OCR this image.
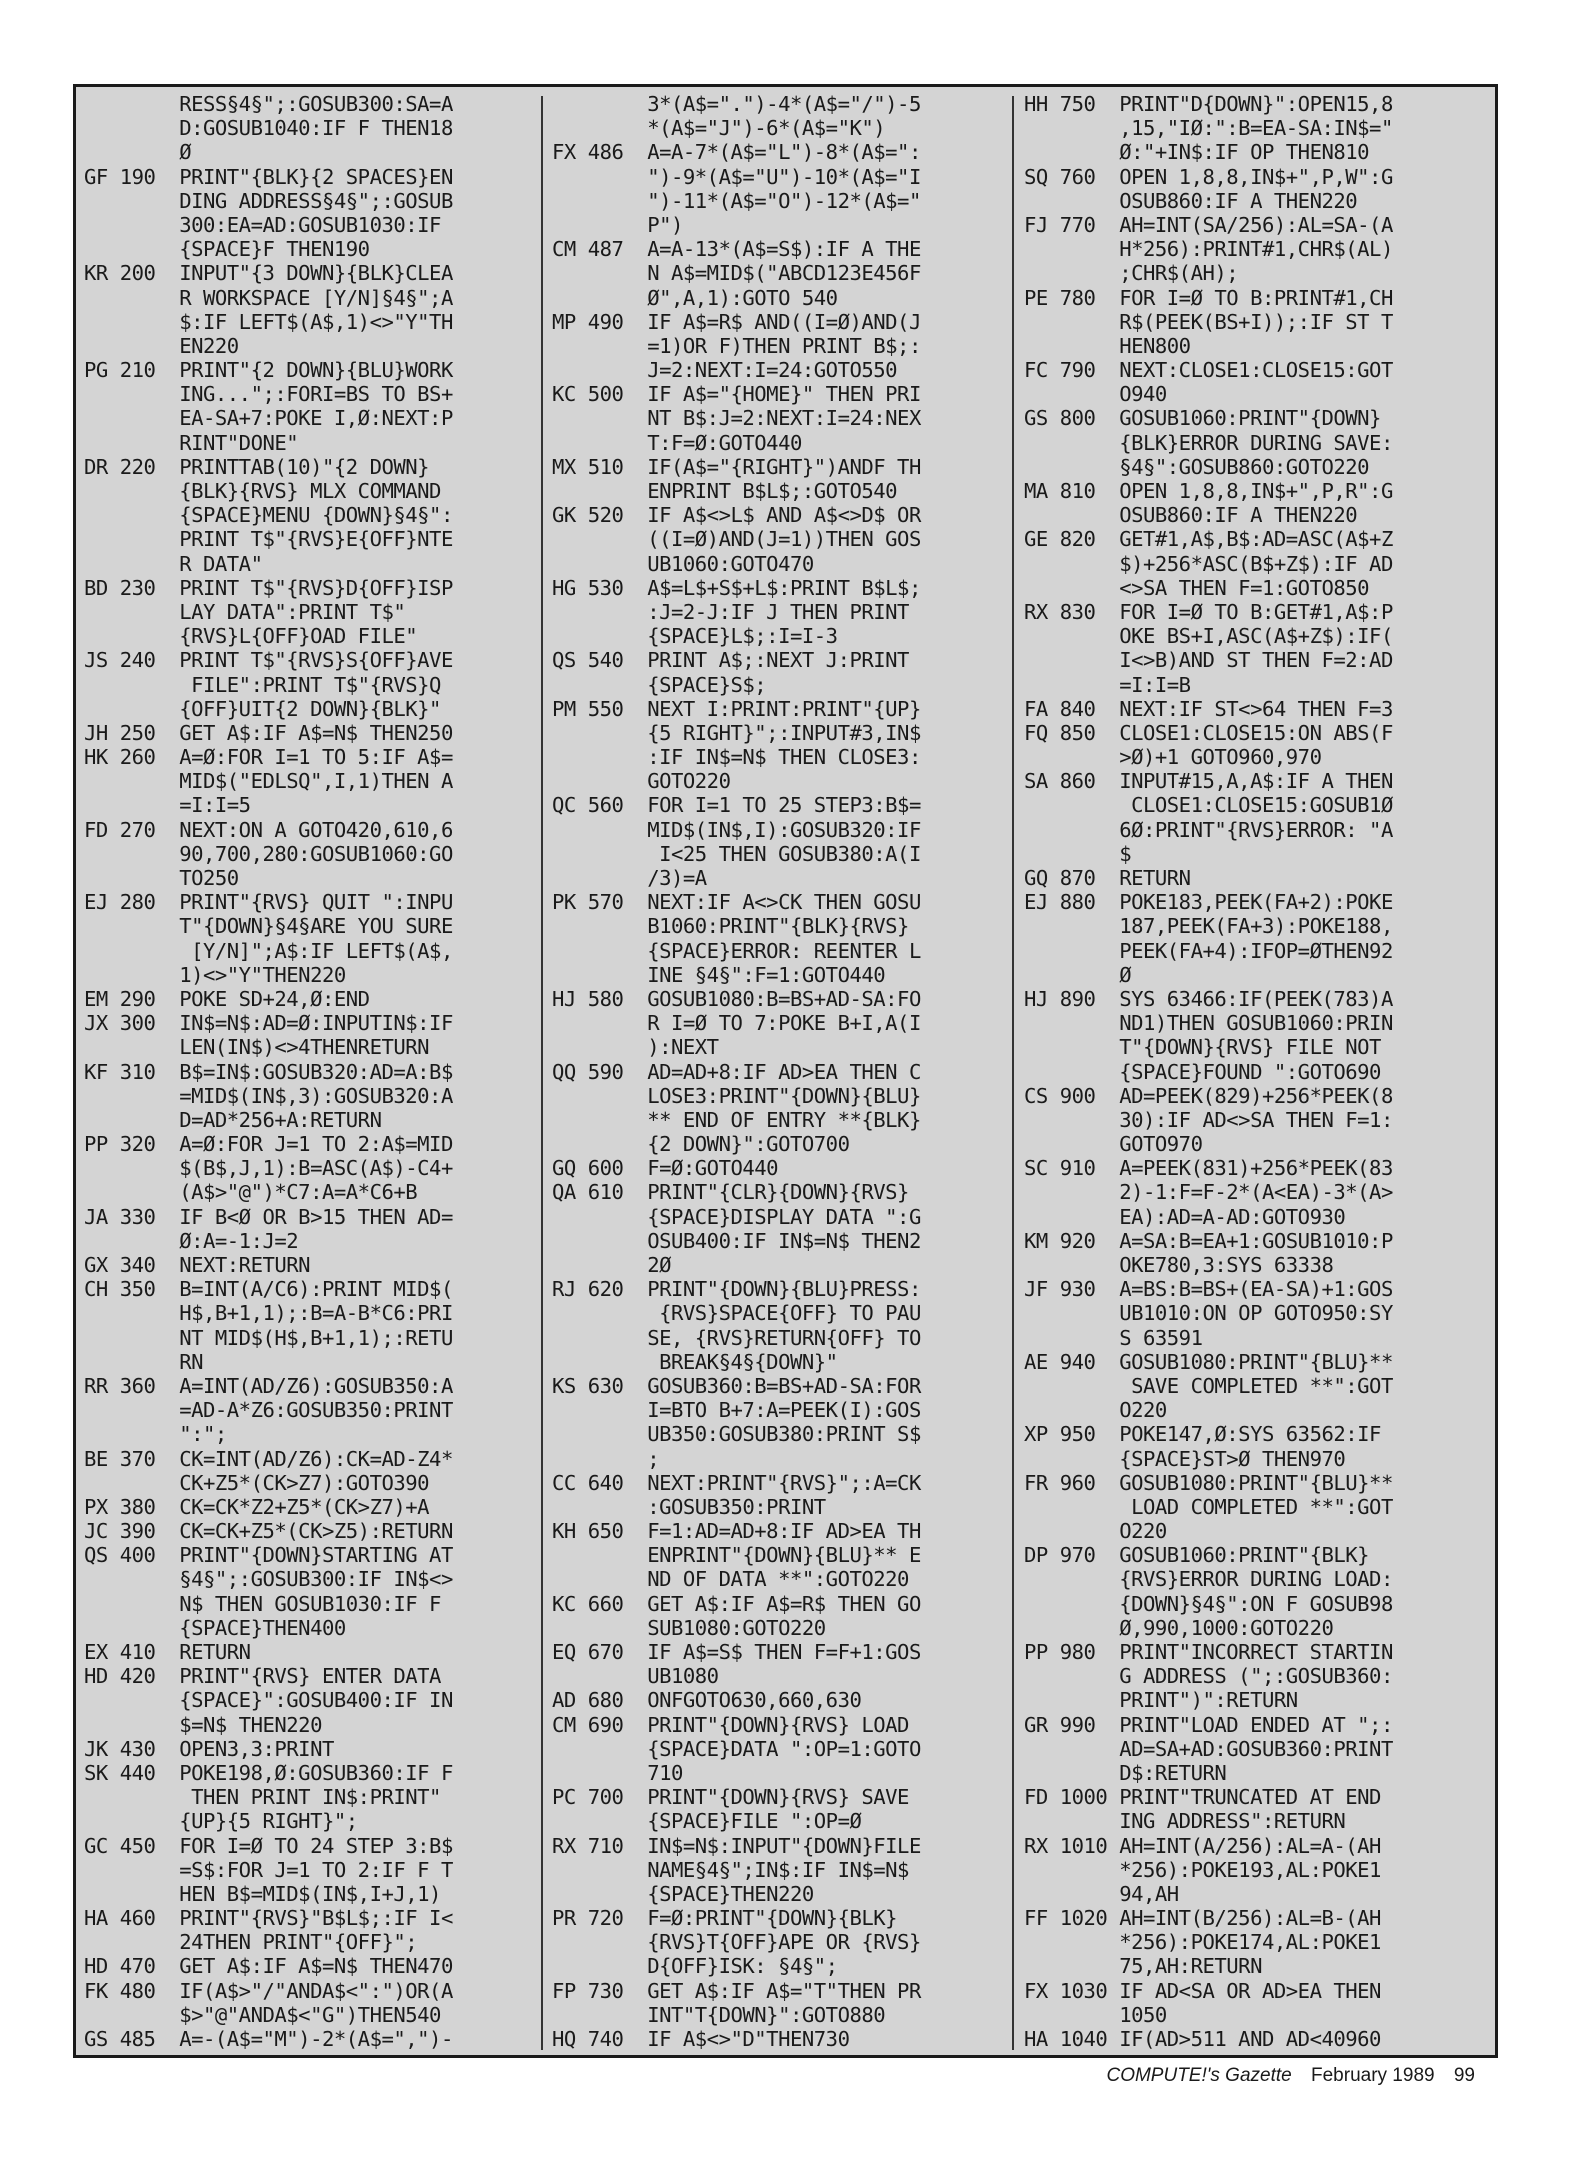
RESS§4§";:GOSUB300:SA=A
D:GOSUB1040:IF F THEN18
Ø
GF 190  PRINT"{BLK}{2 SPACES}EN
DING ADDRESS§4§";:GOSUB
300:EA=AD:GOSUB1030:IF
{SPACE}F THEN190
KR 200  INPUT"{3 DOWN}{BLK}CLEA
R WORKSPACE [Y/N]§4§";A
$:IF LEFT$(A$,1)<>"Y"TH
EN220
PG 210  PRINT"{2 DOWN}{BLU}WORK
ING...";:FORI=BS TO BS+
EA-SA+7:POKE I,Ø:NEXT:P
RINT"DONE"
DR 220  PRINTTAB(10)"{2 DOWN}
{BLK}{RVS} MLX COMMAND
{SPACE}MENU {DOWN}§4§":
PRINT T$"{RVS}E{OFF}NTE
R DATA"
BD 230  PRINT T$"{RVS}D{OFF}ISP
LAY DATA":PRINT T$"
{RVS}L{OFF}OAD FILE"
JS 240  PRINT T$"{RVS}S{OFF}AVE
FILE":PRINT T$"{RVS}Q
{OFF}UIT{2 DOWN}{BLK}"
JH 250  GET A$:IF A$=N$ THEN250
HK 260  A=Ø:FOR I=1 TO 5:IF A$=
MID$("EDLSQ",I,1)THEN A
=I:I=5
FD 270  NEXT:ON A GOTO420,610,6
90,700,280:GOSUB1060:GO
TO250
EJ 280  PRINT"{RVS} QUIT ":INPU
T"{DOWN}§4§ARE YOU SURE
[Y/N]";A$:IF LEFT$(A$,
1)<>"Y"THEN220
EM 290  POKE SD+24,Ø:END
JX 300  IN$=N$:AD=Ø:INPUTIN$:IF
LEN(IN$)<>4THENRETURN
KF 310  B$=IN$:GOSUB320:AD=A:B$
=MID$(IN$,3):GOSUB320:A
D=AD*256+A:RETURN
PP 320  A=Ø:FOR J=1 TO 2:A$=MID
$(B$,J,1):B=ASC(A$)-C4+
(A$>"@")*C7:A=A*C6+B
JA 330  IF B<Ø OR B>15 THEN AD=
Ø:A=-1:J=2
GX 340  NEXT:RETURN
CH 350  B=INT(A/C6):PRINT MID$(
H$,B+1,1);:B=A-B*C6:PRI
NT MID$(H$,B+1,1);:RETU
RN
RR 360  A=INT(AD/Z6):GOSUB350:A
=AD-A*Z6:GOSUB350:PRINT
":";
BE 370  CK=INT(AD/Z6):CK=AD-Z4*
CK+Z5*(CK>Z7):GOTO390
PX 380  CK=CK*Z2+Z5*(CK>Z7)+A
JC 390  CK=CK+Z5*(CK>Z5):RETURN
QS 400  PRINT"{DOWN}STARTING AT
§4§";:GOSUB300:IF IN$<>
N$ THEN GOSUB1030:IF F
{SPACE}THEN400
EX 410  RETURN
HD 420  PRINT"{RVS} ENTER DATA
{SPACE}":GOSUB400:IF IN
$=N$ THEN220
JK 430  OPEN3,3:PRINT
SK 440  POKE198,Ø:GOSUB360:IF F
THEN PRINT IN$:PRINT"
{UP}{5 RIGHT}";
GC 450  FOR I=Ø TO 24 STEP 3:B$
=S$:FOR J=1 TO 2:IF F T
HEN B$=MID$(IN$,I+J,1)
HA 460  PRINT"{RVS}"B$L$;:IF I<
24THEN PRINT"{OFF}";
HD 470  GET A$:IF A$=N$ THEN470
FK 480  IF(A$>"/"ANDA$<":")OR(A
$>"@"ANDA$<"G")THEN540
GS 485  A=-(A$="M")-2*(A$=",")-
3*(A$=".")-4*(A$="/")-5
*(A$="J")-6*(A$="K")
FX 486  A=A-7*(A$="L")-8*(A$=":
")-9*(A$="U")-10*(A$="I
")-11*(A$="O")-12*(A$="
P")
CM 487  A=A-13*(A$=S$):IF A THE
N A$=MID$("ABCD123E456F
Ø",A,1):GOTO 540
MP 490  IF A$=R$ AND((I=Ø)AND(J
=1)OR F)THEN PRINT B$;:
J=2:NEXT:I=24:GOTO550
KC 500  IF A$="{HOME}" THEN PRI
NT B$:J=2:NEXT:I=24:NEX
T:F=Ø:GOTO440
MX 510  IF(A$="{RIGHT}")ANDF TH
ENPRINT B$L$;:GOTO540
GK 520  IF A$<>L$ AND A$<>D$ OR
((I=Ø)AND(J=1))THEN GOS
UB1060:GOTO470
HG 530  A$=L$+S$+L$:PRINT B$L$;
:J=2-J:IF J THEN PRINT
{SPACE}L$;:I=I-3
QS 540  PRINT A$;:NEXT J:PRINT
{SPACE}S$;
PM 550  NEXT I:PRINT:PRINT"{UP}
{5 RIGHT}";:INPUT#3,IN$
:IF IN$=N$ THEN CLOSE3:
GOTO220
QC 560  FOR I=1 TO 25 STEP3:B$=
MID$(IN$,I):GOSUB320:IF
I<25 THEN GOSUB380:A(I
/3)=A
PK 570  NEXT:IF A<>CK THEN GOSU
B1060:PRINT"{BLK}{RVS}
{SPACE}ERROR: REENTER L
INE §4§":F=1:GOTO440
HJ 580  GOSUB1080:B=BS+AD-SA:FO
R I=Ø TO 7:POKE B+I,A(I
):NEXT
QQ 590  AD=AD+8:IF AD>EA THEN C
LOSE3:PRINT"{DOWN}{BLU}
** END OF ENTRY **{BLK}
{2 DOWN}":GOTO700
GQ 600  F=Ø:GOTO440
QA 610  PRINT"{CLR}{DOWN}{RVS}
{SPACE}DISPLAY DATA ":G
OSUB400:IF IN$=N$ THEN2
2Ø
RJ 620  PRINT"{DOWN}{BLU}PRESS:
{RVS}SPACE{OFF} TO PAU
SE, {RVS}RETURN{OFF} TO
BREAK§4§{DOWN}"
KS 630  GOSUB360:B=BS+AD-SA:FOR
I=BTO B+7:A=PEEK(I):GOS
UB350:GOSUB380:PRINT S$
;
CC 640  NEXT:PRINT"{RVS}";:A=CK
:GOSUB350:PRINT
KH 650  F=1:AD=AD+8:IF AD>EA TH
ENPRINT"{DOWN}{BLU}** E
ND OF DATA **":GOTO220
KC 660  GET A$:IF A$=R$ THEN GO
SUB1080:GOTO220
EQ 670  IF A$=S$ THEN F=F+1:GOS
UB1080
AD 680  ONFGOTO630,660,630
CM 690  PRINT"{DOWN}{RVS} LOAD
{SPACE}DATA ":OP=1:GOTO
710
PC 700  PRINT"{DOWN}{RVS} SAVE
{SPACE}FILE ":OP=Ø
RX 710  IN$=N$:INPUT"{DOWN}FILE
NAME§4§";IN$:IF IN$=N$
{SPACE}THEN220
PR 720  F=Ø:PRINT"{DOWN}{BLK}
{RVS}T{OFF}APE OR {RVS}
D{OFF}ISK: §4§";
FP 730  GET A$:IF A$="T"THEN PR
INT"T{DOWN}":GOTO880
HQ 740  IF A$<>"D"THEN730
HH 750  PRINT"D{DOWN}":OPEN15,8
,15,"IØ:":B=EA-SA:IN$="
Ø:"+IN$:IF OP THEN810
SQ 760  OPEN 1,8,8,IN$+",P,W":G
OSUB860:IF A THEN220
FJ 770  AH=INT(SA/256):AL=SA-(A
H*256):PRINT#1,CHR$(AL)
;CHR$(AH);
PE 780  FOR I=Ø TO B:PRINT#1,CH
R$(PEEK(BS+I));:IF ST T
HEN800
FC 790  NEXT:CLOSE1:CLOSE15:GOT
O940
GS 800  GOSUB1060:PRINT"{DOWN}
{BLK}ERROR DURING SAVE:
§4§":GOSUB860:GOTO220
MA 810  OPEN 1,8,8,IN$+",P,R":G
OSUB860:IF A THEN220
GE 820  GET#1,A$,B$:AD=ASC(A$+Z
$)+256*ASC(B$+Z$):IF AD
<>SA THEN F=1:GOTO850
RX 830  FOR I=Ø TO B:GET#1,A$:P
OKE BS+I,ASC(A$+Z$):IF(
I<>B)AND ST THEN F=2:AD
=I:I=B
FA 840  NEXT:IF ST<>64 THEN F=3
FQ 850  CLOSE1:CLOSE15:ON ABS(F
>Ø)+1 GOTO960,970
SA 860  INPUT#15,A,A$:IF A THEN
CLOSE1:CLOSE15:GOSUB1Ø
6Ø:PRINT"{RVS}ERROR: "A
$
GQ 870  RETURN
EJ 880  POKE183,PEEK(FA+2):POKE
187,PEEK(FA+3):POKE188,
PEEK(FA+4):IFOP=ØTHEN92
Ø
HJ 890  SYS 63466:IF(PEEK(783)A
ND1)THEN GOSUB1060:PRIN
T"{DOWN}{RVS} FILE NOT
{SPACE}FOUND ":GOTO690
CS 900  AD=PEEK(829)+256*PEEK(8
30):IF AD<>SA THEN F=1:
GOTO970
SC 910  A=PEEK(831)+256*PEEK(83
2)-1:F=F-2*(A<EA)-3*(A>
EA):AD=A-AD:GOTO930
KM 920  A=SA:B=EA+1:GOSUB1010:P
OKE780,3:SYS 63338
JF 930  A=BS:B=BS+(EA-SA)+1:GOS
UB1010:ON OP GOTO950:SY
S 63591
AE 940  GOSUB1080:PRINT"{BLU}**
SAVE COMPLETED **":GOT
O220
XP 950  POKE147,Ø:SYS 63562:IF
{SPACE}ST>Ø THEN970
FR 960  GOSUB1080:PRINT"{BLU}**
LOAD COMPLETED **":GOT
O220
DP 970  GOSUB1060:PRINT"{BLK}
{RVS}ERROR DURING LOAD:
{DOWN}§4§":ON F GOSUB98
Ø,990,1000:GOTO220
PP 980  PRINT"INCORRECT STARTIN
G ADDRESS (";:GOSUB360:
PRINT")":RETURN
GR 990  PRINT"LOAD ENDED AT ";:
AD=SA+AD:GOSUB360:PRINT
D$:RETURN
FD 1000 PRINT"TRUNCATED AT END
ING ADDRESS":RETURN
RX 1010 AH=INT(A/256):AL=A-(AH
*256):POKE193,AL:POKE1
94,AH
FF 1020 AH=INT(B/256):AL=B-(AH
*256):POKE174,AL:POKE1
75,AH:RETURN
FX 1030 IF AD<SA OR AD>EA THEN
1050
HA 1040 IF(AD>511 AND AD<40960
COMPUTE!'s Gazette February 1989 99
